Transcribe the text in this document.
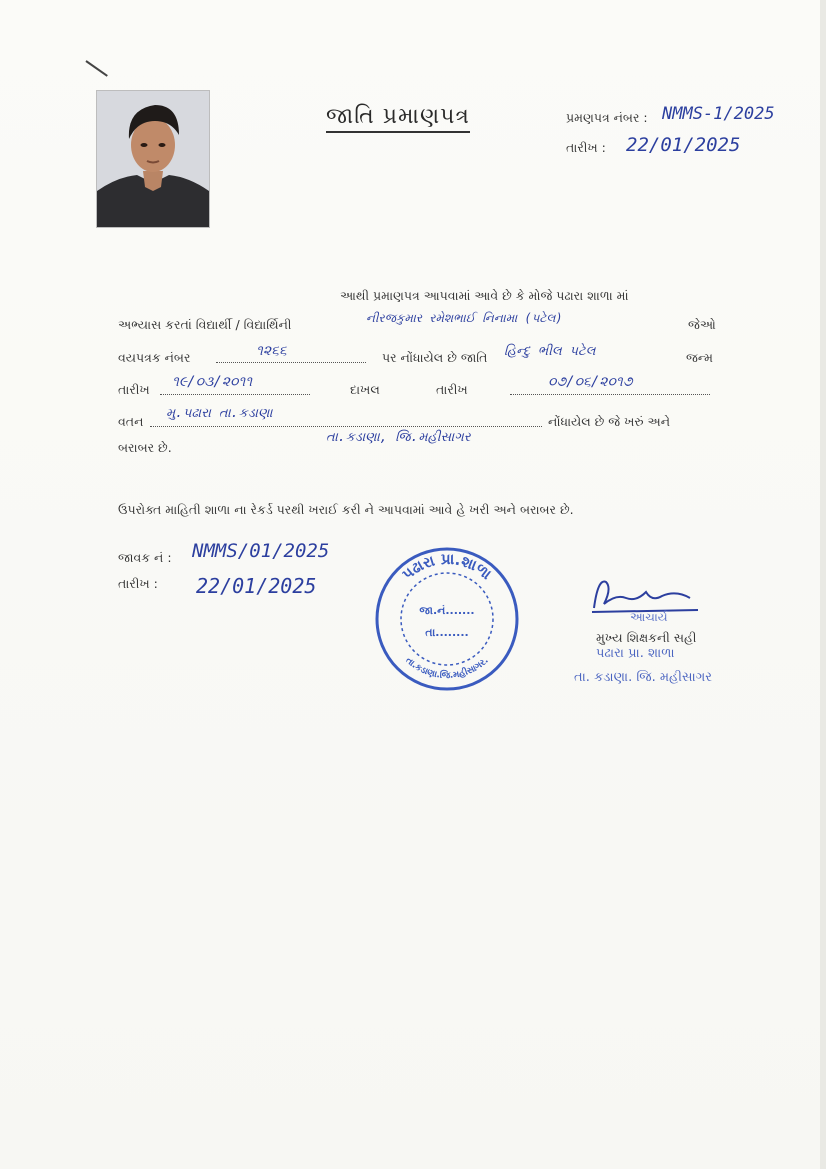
જાતિ પ્રમાણપત્ર	પ્રમણપત્ર નંબર : NMMS-1/2025
તારીખ : 22/01/2025
આથી પ્રમાણપત્ર આપવામાં આવે છે કે મોજે પઢારા શાળા માં
અભ્યાસ કરતાં વિદ્યાર્થી / વિદ્યાર્થિની	નીરજકુમાર રમેશભાઈ નિનામા (પટેલ)	જેઓ
વયપત્રક નંબર	૧૨૬૬	પર નોંધાયેલ છે જાતિ હિન્દુ ભીલ પટેલ	જન્મ
તારીખ ૧૯/૦૩/૨૦૧૧	દાખલ	તારીખ	૦૭/૦૬/૨૦૧૭
વતન
મુ.પઢારા તા.કડાણા
નોંધાયેલ છે જે ખરું અને
તા.કડાણા, જિ.મહીસાગર
બરાબર છે.
ઉપરોક્ત માહિતી શાળા ના રેકર્ડ પરથી ખરાઈ કરી ને આપવામાં આવે હે ખરી અને બરાબર છે.
જાવક નં : NMMS/01/2025
તારીખ : 22/01/2025
પઢારા પ્રા.શાળા
તા.કડાણા.જિ.મહીસાગર.
જા.નં.......
તા........
આચાર્ય
મુખ્ય શિક્ષકની સહી
પઢારા પ્રા. શાળા
તા. કડાણા. જિ. મહીસાગર
